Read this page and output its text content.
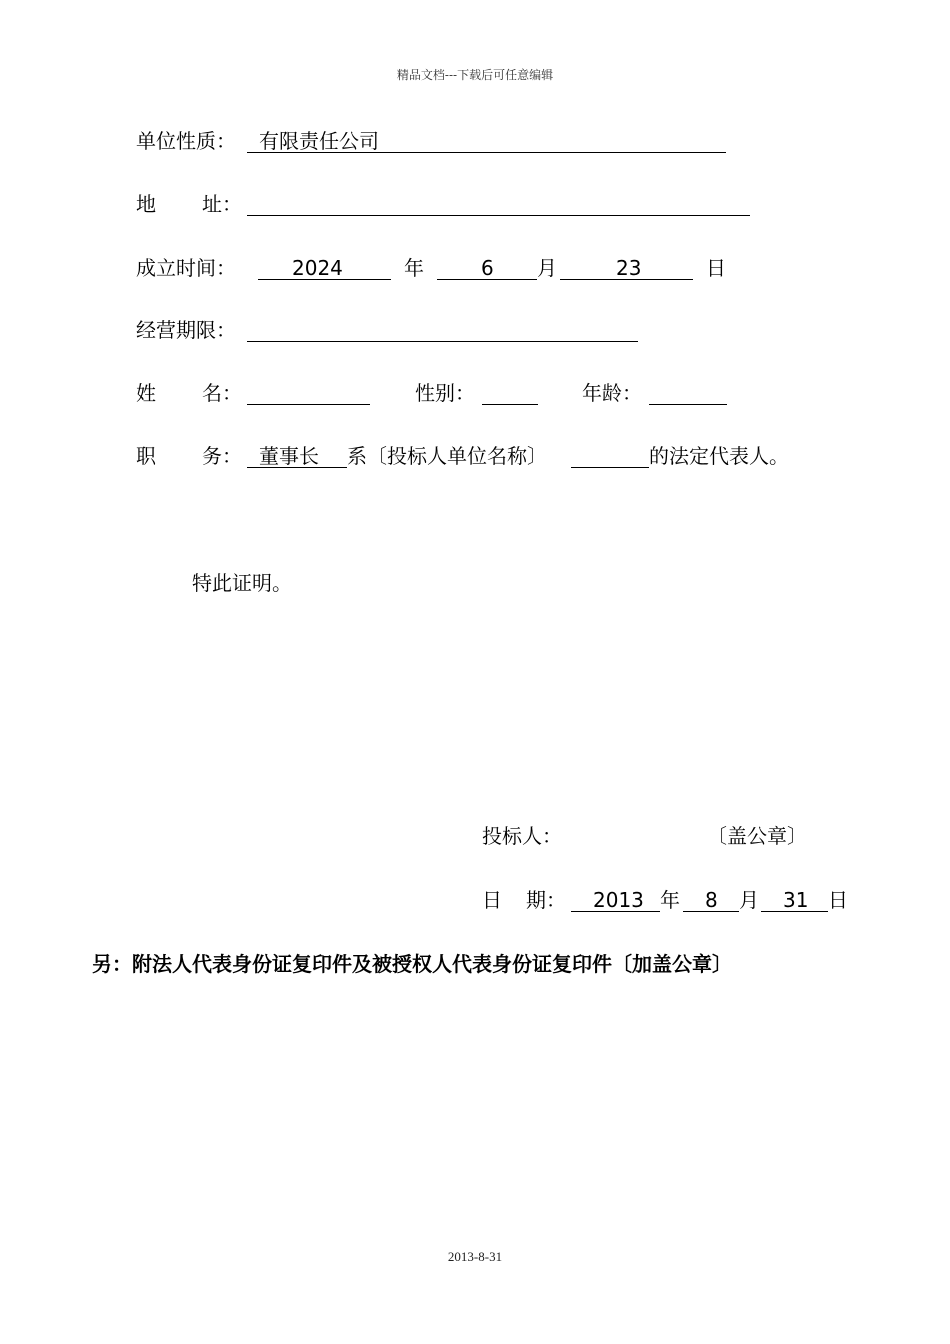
精品文档---下载后可任意编辑
单位性质：	有限责任公司
地 址：
成立时间：	2024	年	6	月	23	日
经营期限：
姓 名：	性别：	年龄：
职 务： 董事长	系〔投标人单位名称〕	的法定代表人。
特此证明。
投标人：	〔盖公章〕
日 期：	2013 年	8	月	31 日
另：附法人代表身份证复印件及被授权人代表身份证复印件〔加盖公章〕
2013-8-31
